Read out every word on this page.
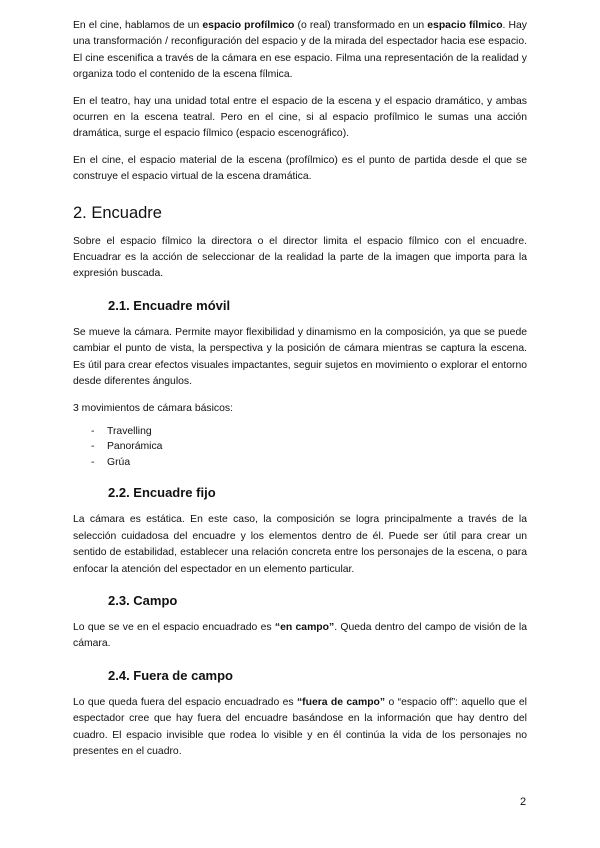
En el cine, hablamos de un espacio profílmico (o real) transformado en un espacio fílmico. Hay una transformación / reconfiguración del espacio y de la mirada del espectador hacia ese espacio. El cine escenifica a través de la cámara en ese espacio. Filma una representación de la realidad y organiza todo el contenido de la escena fílmica.

En el teatro, hay una unidad total entre el espacio de la escena y el espacio dramático, y ambas ocurren en la escena teatral. Pero en el cine, si al espacio profílmico le sumas una acción dramática, surge el espacio fílmico (espacio escenográfico).

En el cine, el espacio material de la escena (profílmico) es el punto de partida desde el que se construye el espacio virtual de la escena dramática.

2. Encuadre

Sobre el espacio fílmico la directora o el director limita el espacio fílmico con el encuadre. Encuadrar es la acción de seleccionar de la realidad la parte de la imagen que importa para la expresión buscada.

2.1. Encuadre móvil

Se mueve la cámara. Permite mayor flexibilidad y dinamismo en la composición, ya que se puede cambiar el punto de vista, la perspectiva y la posición de cámara mientras se captura la escena. Es útil para crear efectos visuales impactantes, seguir sujetos en movimiento o explorar el entorno desde diferentes ángulos.

3 movimientos de cámara básicos:

- Travelling
- Panorámica
- Grúa
2.2. Encuadre fijo

La cámara es estática. En este caso, la composición se logra principalmente a través de la selección cuidadosa del encuadre y los elementos dentro de él. Puede ser útil para crear un sentido de estabilidad, establecer una relación concreta entre los personajes de la escena, o para enfocar la atención del espectador en un elemento particular.

2.3. Campo

Lo que se ve en el espacio encuadrado es “en campo”. Queda dentro del campo de visión de la cámara.

2.4. Fuera de campo

Lo que queda fuera del espacio encuadrado es “fuera de campo” o “espacio off”: aquello que el espectador cree que hay fuera del encuadre basándose en la información que hay dentro del cuadro. El espacio invisible que rodea lo visible y en él continúa la vida de los personajes no presentes en el cuadro.

2
